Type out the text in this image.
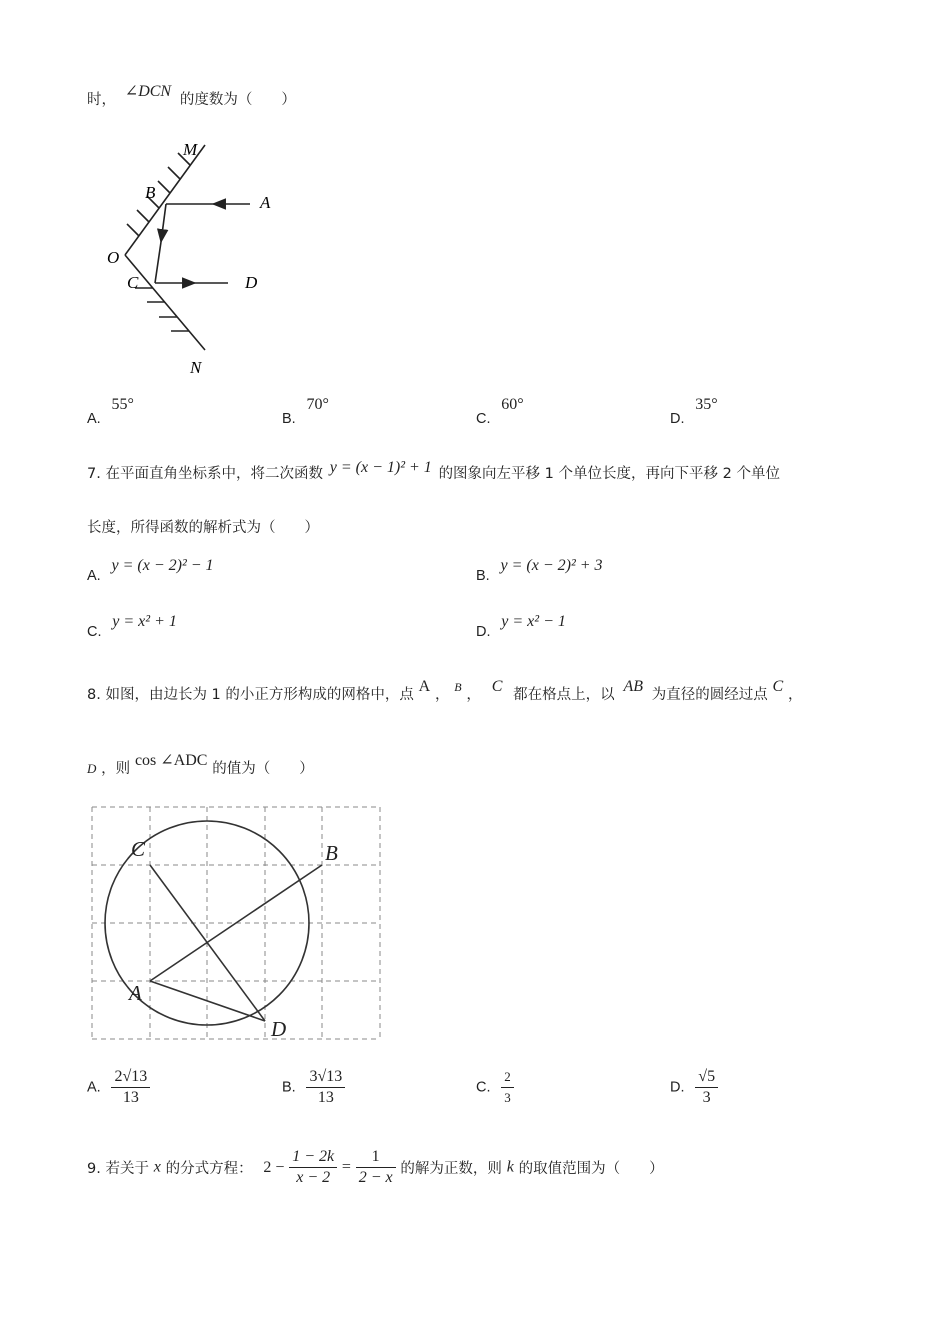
时， ∠DCN 的度数为（　　）
M
B
A
O
C	D
N
A. 55°
B. 70°
C. 60°
D. 35°
7. 在平面直角坐标系中，将二次函数 y = (x − 1)² + 1 的图象向左平移 1 个单位长度，再向下平移 2 个单位
长度，所得函数的解析式为（　　）
A. y = (x − 2)² − 1
B. y = (x − 2)² + 3
C. y = x² + 1
D. y = x² − 1
8. 如图，由边长为 1 的小正方形构成的网格中，点 A ， $^B$ ， C 都在格点上，以 AB 为直径的圆经过点 C ，
D ，则 cos ∠ADC 的值为（　　）
C	B
A
D
A. $\frac{2√13}{13}$	B. $\frac{3√13}{13}$	C. $\frac{2}{3}$	D. $\frac{√5}{3}$
9. 若关于 x 的分式方程： $2 - \frac{1 - 2k}{x - 2} = \frac{1}{2 - x}$ 的解为正数，则 k 的取值范围为（　　）
